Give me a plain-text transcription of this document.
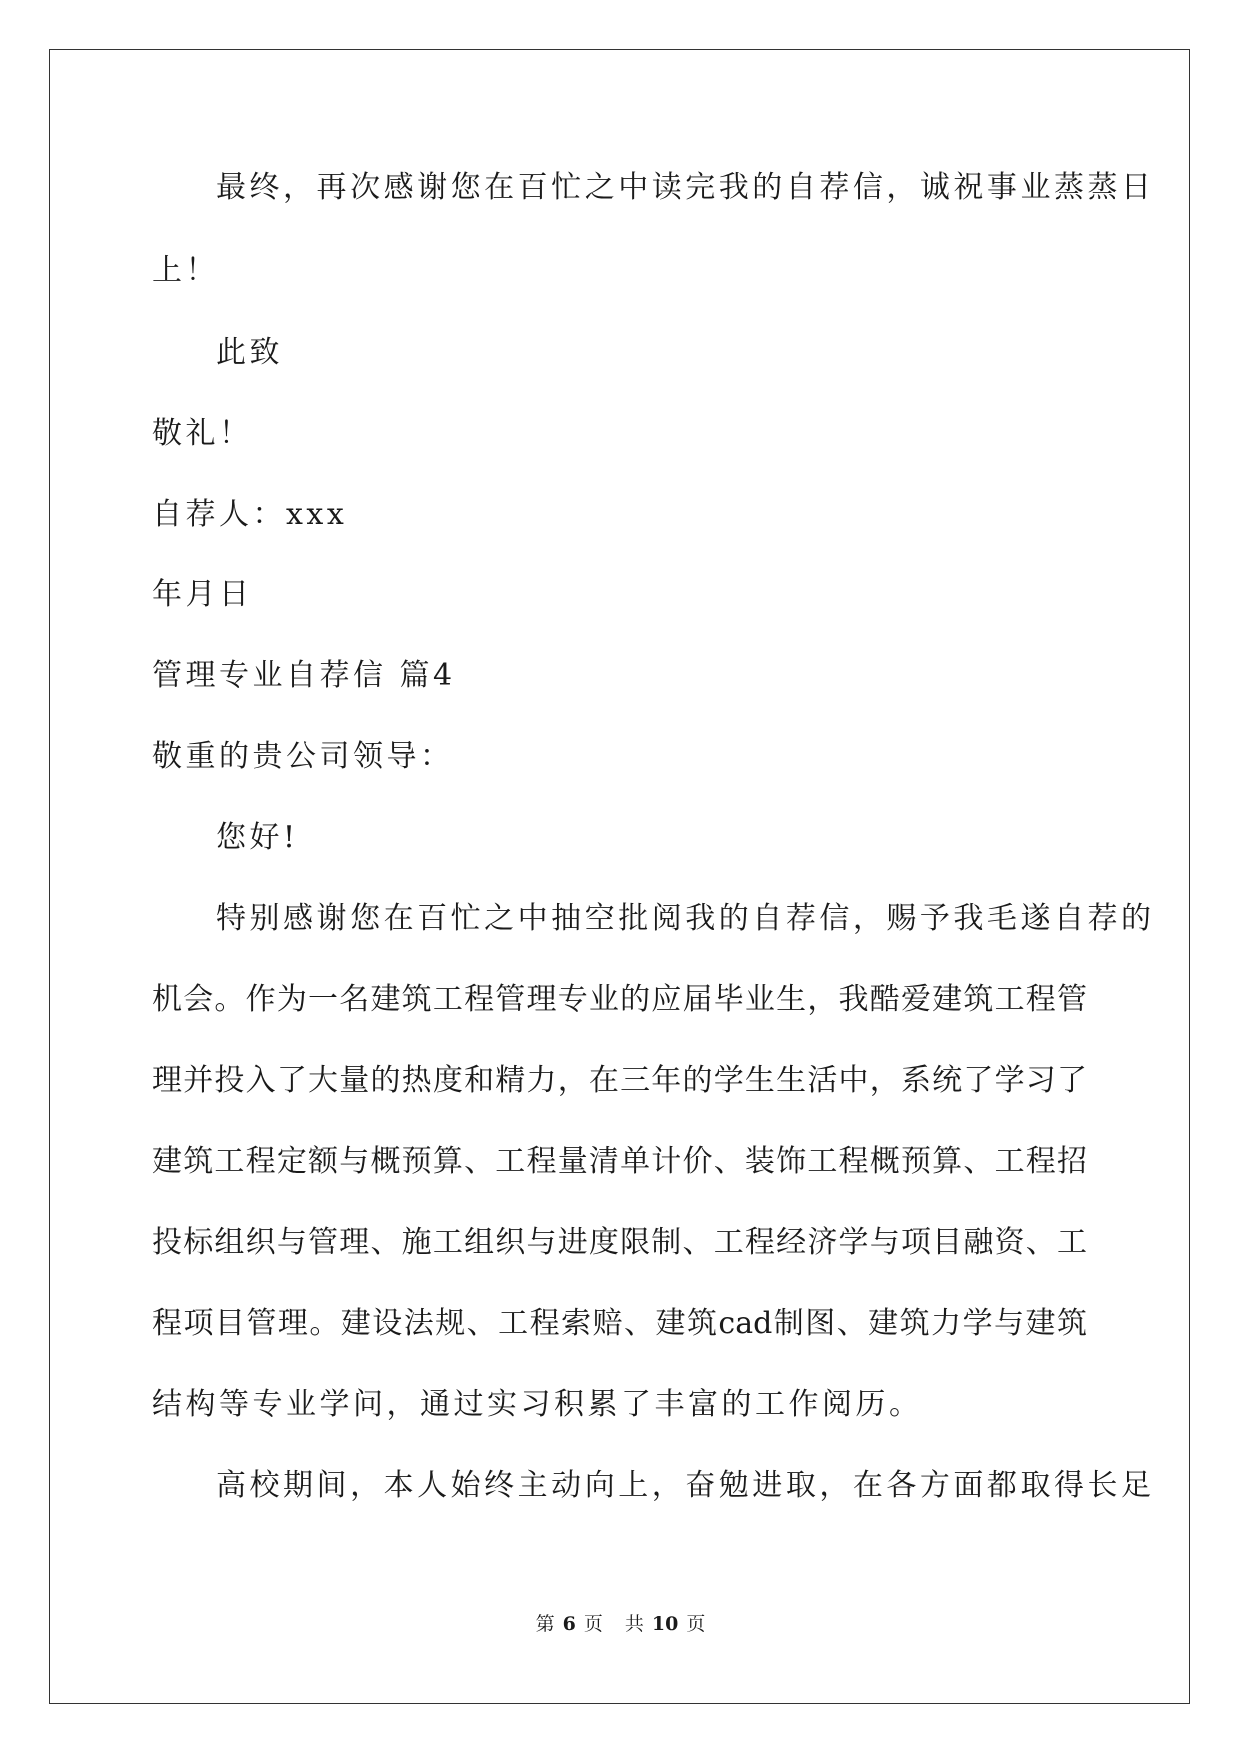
最终，再次感谢您在百忙之中读完我的自荐信，诚祝事业蒸蒸日
上！
此致
敬礼！
自荐人：xxx
年月日
管理专业自荐信 篇4
敬重的贵公司领导：
您好!
特别感谢您在百忙之中抽空批阅我的自荐信，赐予我毛遂自荐的
机会。作为一名建筑工程管理专业的应届毕业生，我酷爱建筑工程管
理并投入了大量的热度和精力，在三年的学生生活中，系统了学习了
建筑工程定额与概预算、工程量清单计价、装饰工程概预算、工程招
投标组织与管理、施工组织与进度限制、工程经济学与项目融资、工
程项目管理。建设法规、工程索赔、建筑cad制图、建筑力学与建筑
结构等专业学问，通过实习积累了丰富的工作阅历。
高校期间，本人始终主动向上，奋勉进取，在各方面都取得长足
第 6 页 共 10 页
